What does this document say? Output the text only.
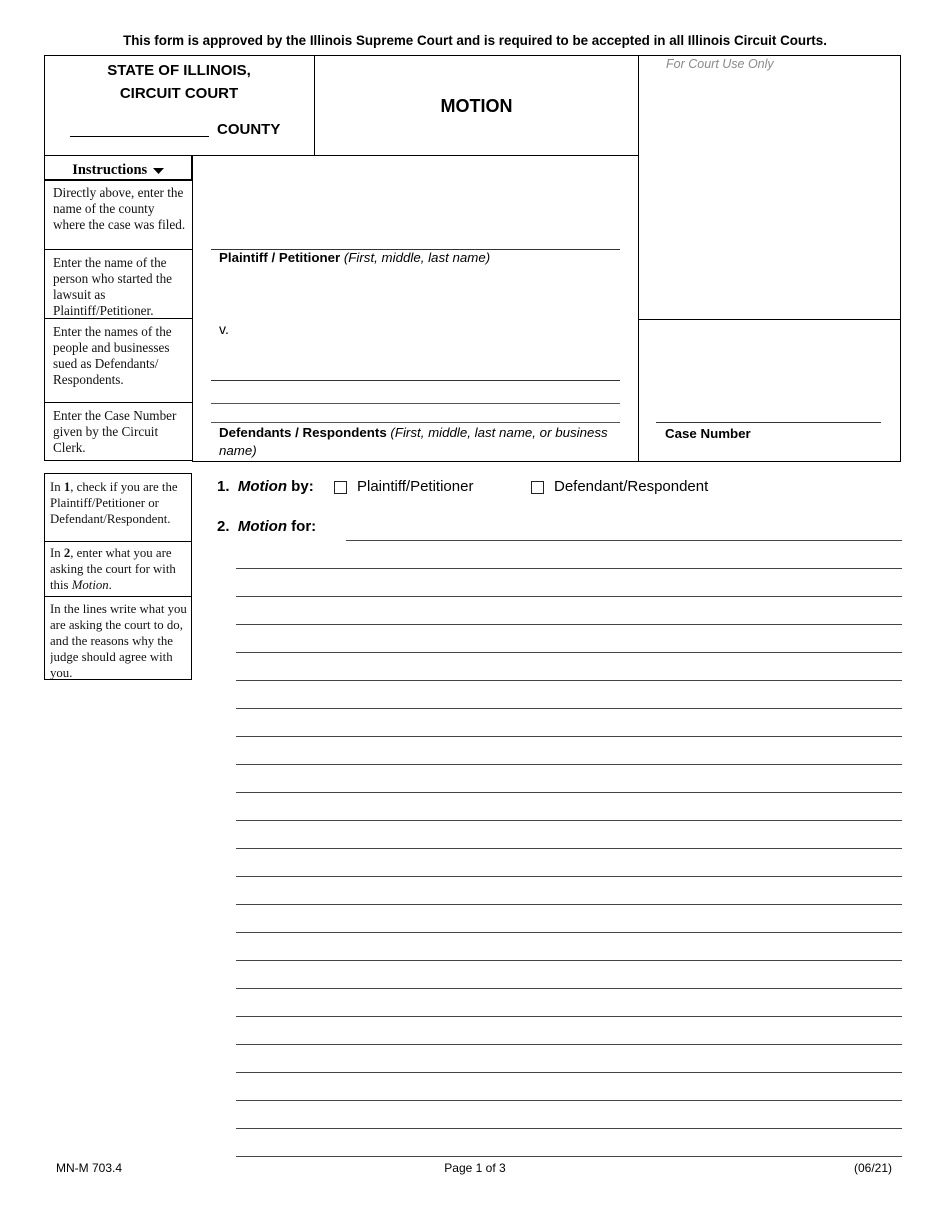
This form is approved by the Illinois Supreme Court and is required to be accepted in all Illinois Circuit Courts.
STATE OF ILLINOIS,
CIRCUIT COURT
COUNTY
MOTION
For Court Use Only
Instructions
Directly above, enter the name of the county where the case was filed.
Enter the name of the person who started the lawsuit as Plaintiff/Petitioner.
Enter the names of the people and businesses sued as Defendants/ Respondents.
Enter the Case Number given by the Circuit Clerk.
Plaintiff / Petitioner (First, middle, last name)
v.
Defendants / Respondents (First, middle, last name, or business name)
Case Number
In 1, check if you are the Plaintiff/Petitioner or Defendant/Respondent.
In 2, enter what you are asking the court for with this Motion.
In the lines write what you are asking the court to do, and the reasons why the judge should agree with you.
1. Motion by:	Plaintiff/Petitioner	Defendant/Respondent
2. Motion for:
MN-M 703.4	Page 1 of 3	(06/21)
